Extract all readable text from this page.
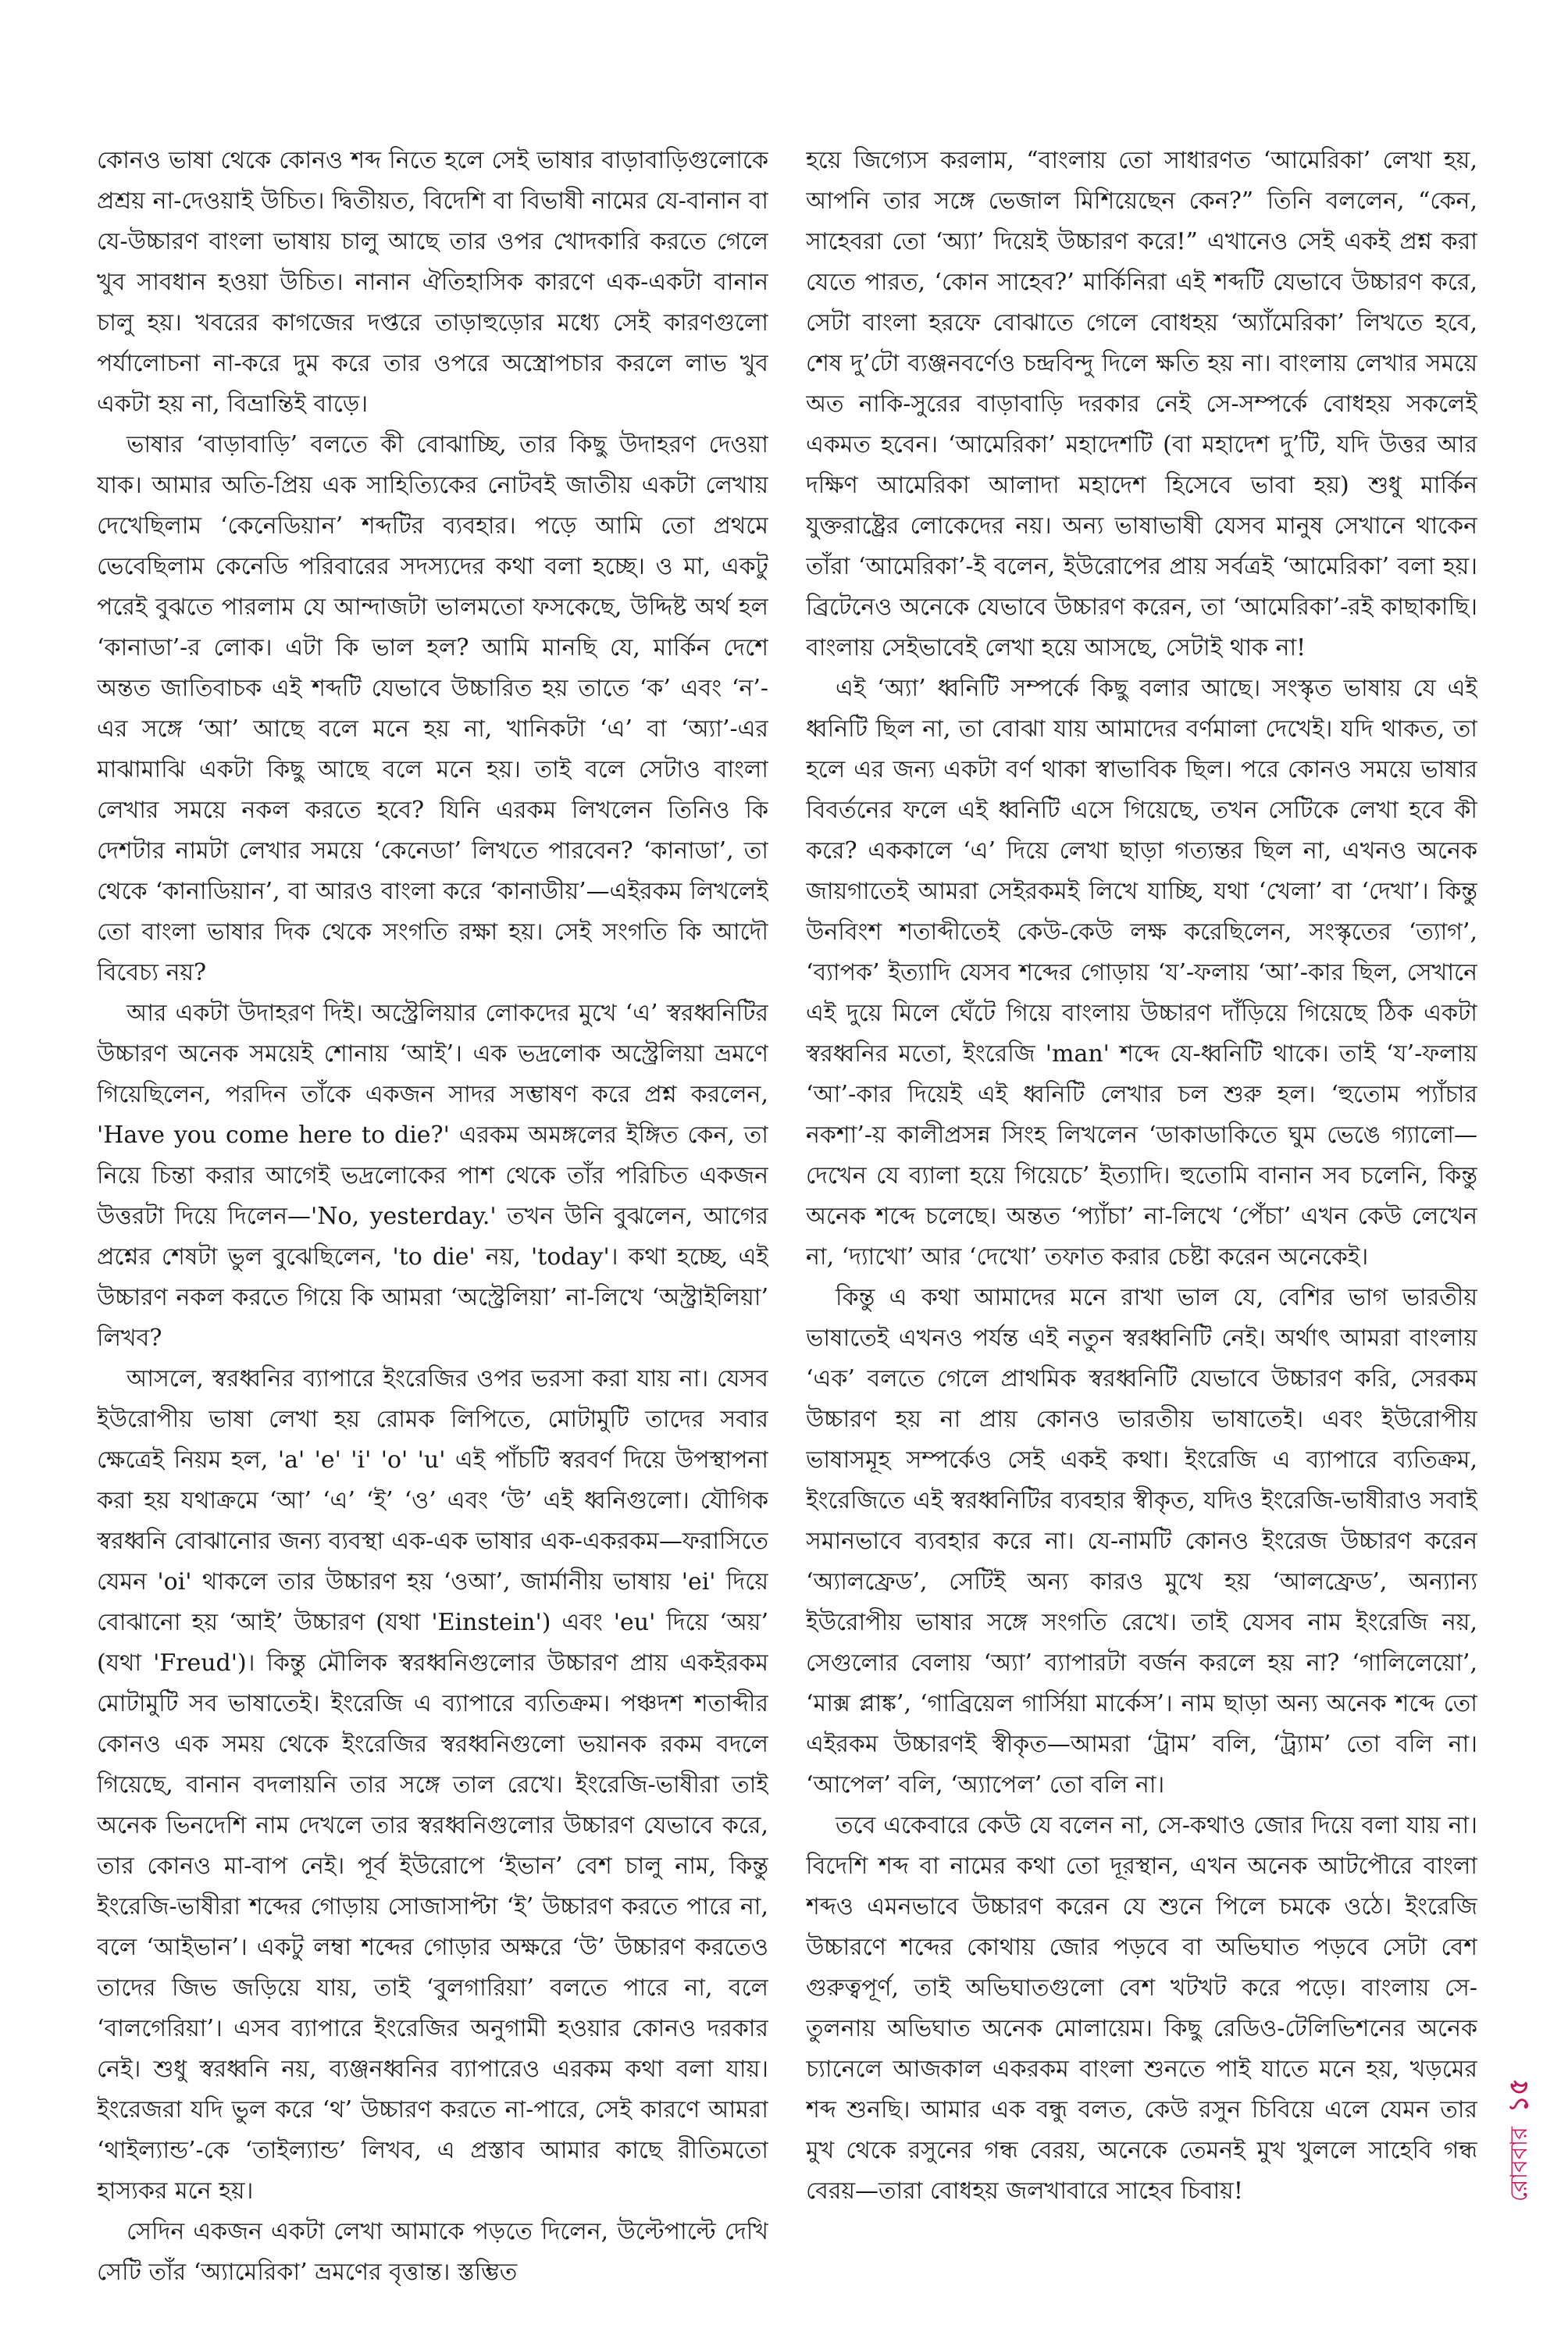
কোনও ভাষা থেকে কোনও শব্দ নিতে হলে সেই ভাষার বাড়াবাড়িগুলোকে প্রশ্রয় না-দেওয়াই উচিত। দ্বিতীয়ত, বিদেশি বা বিভাষী নামের যে-বানান বা যে-উচ্চারণ বাংলা ভাষায় চালু আছে তার ওপর খোদকারি করতে গেলে খুব সাবধান হওয়া উচিত। নানান ঐতিহাসিক কারণে এক-একটা বানান চালু হয়। খবরের কাগজের দপ্তরে তাড়াহুড়োর মধ্যে সেই কারণগুলো পর্যালোচনা না-করে দুম করে তার ওপরে অস্ত্রোপচার করলে লাভ খুব একটা হয় না, বিভ্রান্তিই বাড়ে।

ভাষার ‘বাড়াবাড়ি’ বলতে কী বোঝাচ্ছি, তার কিছু উদাহরণ দেওয়া যাক। আমার অতি-প্রিয় এক সাহিত্যিকের নোটবই জাতীয় একটা লেখায় দেখেছিলাম ‘কেনেডিয়ান’ শব্দটির ব্যবহার। পড়ে আমি তো প্রথমে ভেবেছিলাম কেনেডি পরিবারের সদস্যদের কথা বলা হচ্ছে। ও মা, একটু পরেই বুঝতে পারলাম যে আন্দাজটা ভালমতো ফসকেছে, উদ্দিষ্ট অর্থ হল ‘কানাডা’-র লোক। এটা কি ভাল হল? আমি মানছি যে, মার্কিন দেশে অন্তত জাতিবাচক এই শব্দটি যেভাবে উচ্চারিত হয় তাতে ‘ক’ এবং ‘ন’-এর সঙ্গে ‘আ’ আছে বলে মনে হয় না, খানিকটা ‘এ’ বা ‘অ্যা’-এর মাঝামাঝি একটা কিছু আছে বলে মনে হয়। তাই বলে সেটাও বাংলা লেখার সময়ে নকল করতে হবে? যিনি এরকম লিখলেন তিনিও কি দেশটার নামটা লেখার সময়ে ‘কেনেডা’ লিখতে পারবেন? ‘কানাডা’, তা থেকে ‘কানাডিয়ান’, বা আরও বাংলা করে ‘কানাডীয়’—এইরকম লিখলেই তো বাংলা ভাষার দিক থেকে সংগতি রক্ষা হয়। সেই সংগতি কি আদৌ বিবেচ্য নয়?

আর একটা উদাহরণ দিই। অস্ট্রেলিয়ার লোকদের মুখে ‘এ’ স্বরধ্বনিটির উচ্চারণ অনেক সময়েই শোনায় ‘আই’। এক ভদ্রলোক অস্ট্রেলিয়া ভ্রমণে গিয়েছিলেন, পরদিন তাঁকে একজন সাদর সম্ভাষণ করে প্রশ্ন করলেন, 'Have you come here to die?' এরকম অমঙ্গলের ইঙ্গিত কেন, তা নিয়ে চিন্তা করার আগেই ভদ্রলোকের পাশ থেকে তাঁর পরিচিত একজন উত্তরটা দিয়ে দিলেন—'No, yesterday.' তখন উনি বুঝলেন, আগের প্রশ্নের শেষটা ভুল বুঝেছিলেন, 'to die' নয়, 'today'। কথা হচ্ছে, এই উচ্চারণ নকল করতে গিয়ে কি আমরা ‘অস্ট্রেলিয়া’ না-লিখে ‘অস্ট্রাইলিয়া’ লিখব?

আসলে, স্বরধ্বনির ব্যাপারে ইংরেজির ওপর ভরসা করা যায় না। যেসব ইউরোপীয় ভাষা লেখা হয় রোমক লিপিতে, মোটামুটি তাদের সবার ক্ষেত্রেই নিয়ম হল, 'a' 'e' 'i' 'o' 'u' এই পাঁচটি স্বরবর্ণ দিয়ে উপস্থাপনা করা হয় যথাক্রমে ‘আ’ ‘এ’ ‘ই’ ‘ও’ এবং ‘উ’ এই ধ্বনিগুলো। যৌগিক স্বরধ্বনি বোঝানোর জন্য ব্যবস্থা এক-এক ভাষার এক-একরকম—ফরাসিতে যেমন 'oi' থাকলে তার উচ্চারণ হয় ‘ওআ’, জার্মানীয় ভাষায় 'ei' দিয়ে বোঝানো হয় ‘আই’ উচ্চারণ (যথা 'Einstein') এবং 'eu' দিয়ে ‘অয়’ (যথা 'Freud')। কিন্তু মৌলিক স্বরধ্বনিগুলোর উচ্চারণ প্রায় একইরকম মোটামুটি সব ভাষাতেই। ইংরেজি এ ব্যাপারে ব্যতিক্রম। পঞ্চদশ শতাব্দীর কোনও এক সময় থেকে ইংরেজির স্বরধ্বনিগুলো ভয়ানক রকম বদলে গিয়েছে, বানান বদলায়নি তার সঙ্গে তাল রেখে। ইংরেজি-ভাষীরা তাই অনেক ভিনদেশি নাম দেখলে তার স্বরধ্বনিগুলোর উচ্চারণ যেভাবে করে, তার কোনও মা-বাপ নেই। পূর্ব ইউরোপে ‘ইভান’ বেশ চালু নাম, কিন্তু ইংরেজি-ভাষীরা শব্দের গোড়ায় সোজাসাপ্টা ‘ই’ উচ্চারণ করতে পারে না, বলে ‘আইভান’। একটু লম্বা শব্দের গোড়ার অক্ষরে ‘উ’ উচ্চারণ করতেও তাদের জিভ জড়িয়ে যায়, তাই ‘বুলগারিয়া’ বলতে পারে না, বলে ‘বালগেরিয়া’। এসব ব্যাপারে ইংরেজির অনুগামী হওয়ার কোনও দরকার নেই। শুধু স্বরধ্বনি নয়, ব্যঞ্জনধ্বনির ব্যাপারেও এরকম কথা বলা যায়। ইংরেজরা যদি ভুল করে ‘থ’ উচ্চারণ করতে না-পারে, সেই কারণে আমরা ‘থাইল্যান্ড’-কে ‘তাইল্যান্ড’ লিখব, এ প্রস্তাব আমার কাছে রীতিমতো হাস্যকর মনে হয়।

সেদিন একজন একটা লেখা আমাকে পড়তে দিলেন, উল্টেপাল্টে দেখি সেটি তাঁর ‘অ্যামেরিকা’ ভ্রমণের বৃত্তান্ত। স্তম্ভিত

হয়ে জিগ্যেস করলাম, “বাংলায় তো সাধারণত ‘আমেরিকা’ লেখা হয়, আপনি তার সঙ্গে ভেজাল মিশিয়েছেন কেন?” তিনি বললেন, “কেন, সাহেবরা তো ‘অ্যা’ দিয়েই উচ্চারণ করে!” এখানেও সেই একই প্রশ্ন করা যেতে পারত, ‘কোন সাহেব?’ মার্কিনিরা এই শব্দটি যেভাবে উচ্চারণ করে, সেটা বাংলা হরফে বোঝাতে গেলে বোধহয় ‘অ্যাঁমেরিকা’ লিখতে হবে, শেষ দু’টো ব্যঞ্জনবর্ণেও চন্দ্রবিন্দু দিলে ক্ষতি হয় না। বাংলায় লেখার সময়ে অত নাকি-সুরের বাড়াবাড়ি দরকার নেই সে-সম্পর্কে বোধহয় সকলেই একমত হবেন। ‘আমেরিকা’ মহাদেশটি (বা মহাদেশ দু’টি, যদি উত্তর আর দক্ষিণ আমেরিকা আলাদা মহাদেশ হিসেবে ভাবা হয়) শুধু মার্কিন যুক্তরাষ্ট্রের লোকেদের নয়। অন্য ভাষাভাষী যেসব মানুষ সেখানে থাকেন তাঁরা ‘আমেরিকা’-ই বলেন, ইউরোপের প্রায় সর্বত্রই ‘আমেরিকা’ বলা হয়। ব্রিটেনেও অনেকে যেভাবে উচ্চারণ করেন, তা ‘আমেরিকা’-রই কাছাকাছি। বাংলায় সেইভাবেই লেখা হয়ে আসছে, সেটাই থাক না!

এই ‘অ্যা’ ধ্বনিটি সম্পর্কে কিছু বলার আছে। সংস্কৃত ভাষায় যে এই ধ্বনিটি ছিল না, তা বোঝা যায় আমাদের বর্ণমালা দেখেই। যদি থাকত, তা হলে এর জন্য একটা বর্ণ থাকা স্বাভাবিক ছিল। পরে কোনও সময়ে ভাষার বিবর্তনের ফলে এই ধ্বনিটি এসে গিয়েছে, তখন সেটিকে লেখা হবে কী করে? এককালে ‘এ’ দিয়ে লেখা ছাড়া গত্যন্তর ছিল না, এখনও অনেক জায়গাতেই আমরা সেইরকমই লিখে যাচ্ছি, যথা ‘খেলা’ বা ‘দেখা’। কিন্তু উনবিংশ শতাব্দীতেই কেউ-কেউ লক্ষ করেছিলেন, সংস্কৃতের ‘ত্যাগ’, ‘ব্যাপক’ ইত্যাদি যেসব শব্দের গোড়ায় ‘য’-ফলায় ‘আ’-কার ছিল, সেখানে এই দুয়ে মিলে ঘেঁটে গিয়ে বাংলায় উচ্চারণ দাঁড়িয়ে গিয়েছে ঠিক একটা স্বরধ্বনির মতো, ইংরেজি 'man' শব্দে যে-ধ্বনিটি থাকে। তাই ‘য’-ফলায় ‘আ’-কার দিয়েই এই ধ্বনিটি লেখার চল শুরু হল। ‘হুতোম প্যাঁচার নকশা’-য় কালীপ্রসন্ন সিংহ লিখলেন ‘ডাকাডাকিতে ঘুম ভেঙে গ্যালো—দেখেন যে ব্যালা হয়ে গিয়েচে’ ইত্যাদি। হুতোমি বানান সব চলেনি, কিন্তু অনেক শব্দে চলেছে। অন্তত ‘প্যাঁচা’ না-লিখে ‘পেঁচা’ এখন কেউ লেখেন না, ‘দ্যাখো’ আর ‘দেখো’ তফাত করার চেষ্টা করেন অনেকেই।

কিন্তু এ কথা আমাদের মনে রাখা ভাল যে, বেশির ভাগ ভারতীয় ভাষাতেই এখনও পর্যন্ত এই নতুন স্বরধ্বনিটি নেই। অর্থাৎ আমরা বাংলায় ‘এক’ বলতে গেলে প্রাথমিক স্বরধ্বনিটি যেভাবে উচ্চারণ করি, সেরকম উচ্চারণ হয় না প্রায় কোনও ভারতীয় ভাষাতেই। এবং ইউরোপীয় ভাষাসমূহ সম্পর্কেও সেই একই কথা। ইংরেজি এ ব্যাপারে ব্যতিক্রম, ইংরেজিতে এই স্বরধ্বনিটির ব্যবহার স্বীকৃত, যদিও ইংরেজি-ভাষীরাও সবাই সমানভাবে ব্যবহার করে না। যে-নামটি কোনও ইংরেজ উচ্চারণ করেন ‘অ্যালফ্রেড’, সেটিই অন্য কারও মুখে হয় ‘আলফ্রেড’, অন্যান্য ইউরোপীয় ভাষার সঙ্গে সংগতি রেখে। তাই যেসব নাম ইংরেজি নয়, সেগুলোর বেলায় ‘অ্যা’ ব্যাপারটা বর্জন করলে হয় না? ‘গালিলেয়ো’, ‘মাক্স প্লাঙ্ক’, ‘গাব্রিয়েল গার্সিয়া মার্কেস’। নাম ছাড়া অন্য অনেক শব্দে তো এইরকম উচ্চারণই স্বীকৃত—আমরা ‘ট্রাম’ বলি, ‘ট্র্যাম’ তো বলি না। ‘আপেল’ বলি, ‘অ্যাপেল’ তো বলি না।

তবে একেবারে কেউ যে বলেন না, সে-কথাও জোর দিয়ে বলা যায় না। বিদেশি শব্দ বা নামের কথা তো দূরস্থান, এখন অনেক আটপৌরে বাংলা শব্দও এমনভাবে উচ্চারণ করেন যে শুনে পিলে চমকে ওঠে। ইংরেজি উচ্চারণে শব্দের কোথায় জোর পড়বে বা অভিঘাত পড়বে সেটা বেশ গুরুত্বপূর্ণ, তাই অভিঘাতগুলো বেশ খটখট করে পড়ে। বাংলায় সে-তুলনায় অভিঘাত অনেক মোলায়েম। কিছু রেডিও-টেলিভিশনের অনেক চ্যানেলে আজকাল একরকম বাংলা শুনতে পাই যাতে মনে হয়, খড়মের শব্দ শুনছি। আমার এক বন্ধু বলত, কেউ রসুন চিবিয়ে এলে যেমন তার মুখ থেকে রসুনের গন্ধ বেরয়, অনেকে তেমনই মুখ খুললে সাহেবি গন্ধ বেরয়—তারা বোধহয় জলখাবারে সাহেব চিবায়!	রোববার
১৫
